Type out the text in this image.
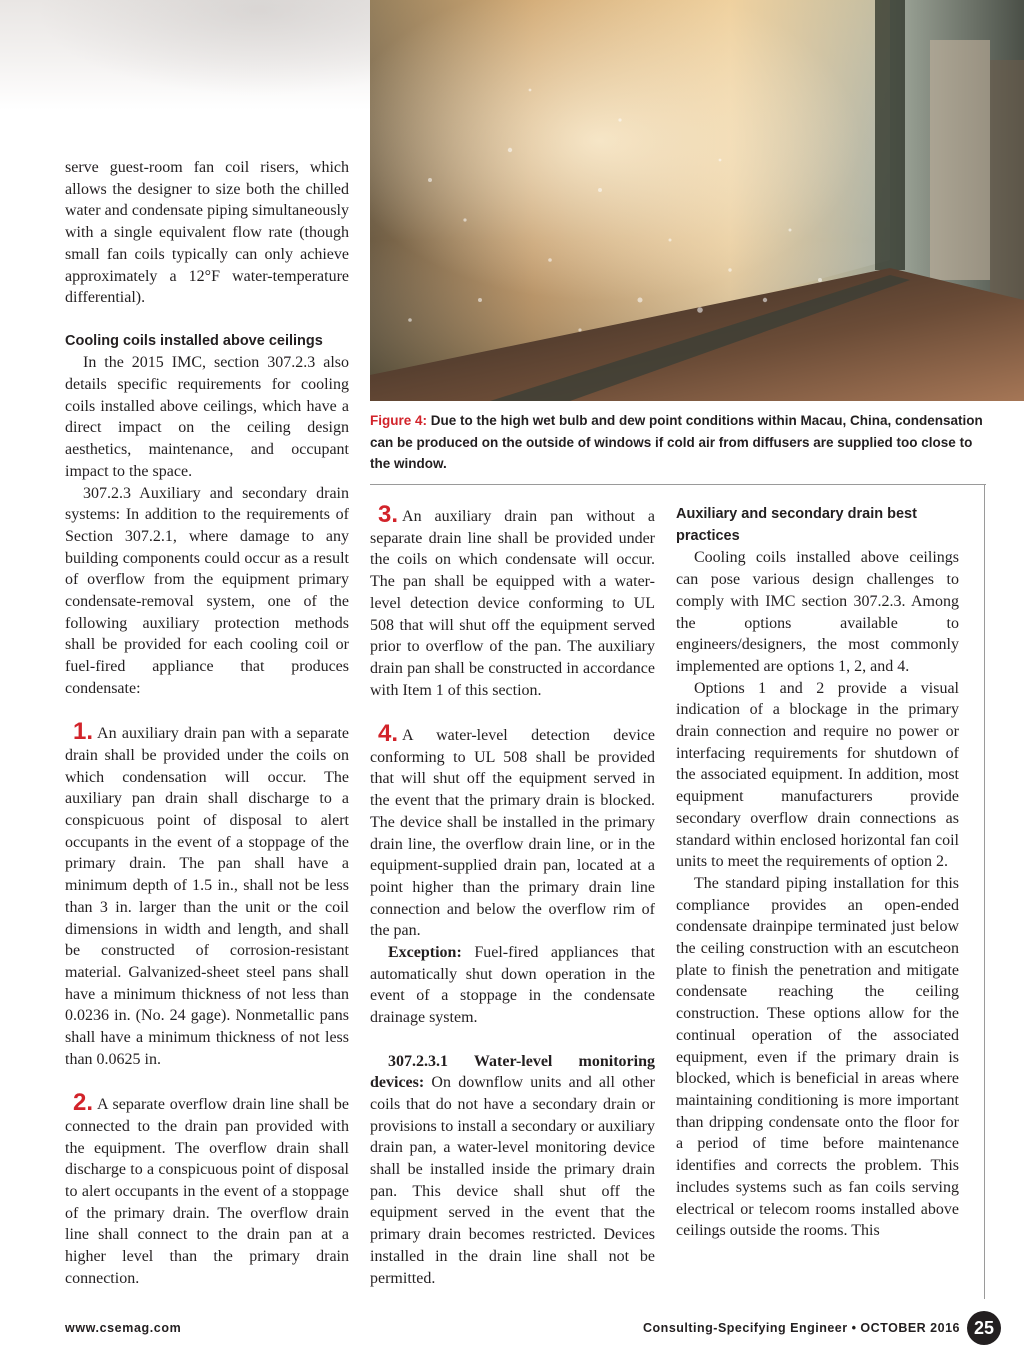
Figure 4: Due to the high wet bulb and dew point conditions within Macau, China, condensation can be produced on the outside of windows if cold air from diffusers are supplied too close to the window.

serve guest-room fan coil risers, which allows the designer to size both the chilled water and condensate piping simultaneously with a single equivalent flow rate (though small fan coils typically can only achieve approximately a 12°F water-temperature differential).

Cooling coils installed above ceilings

In the 2015 IMC, section 307.2.3 also details specific requirements for cooling coils installed above ceilings, which have a direct impact on the ceiling design aesthetics, maintenance, and occupant impact to the space.

307.2.3 Auxiliary and secondary drain systems: In addition to the requirements of Section 307.2.1, where damage to any building components could occur as a result of overflow from the equipment primary condensate-removal system, one of the following auxiliary protection methods shall be provided for each cooling coil or fuel-fired appliance that produces condensate:

1. An auxiliary drain pan with a separate drain shall be provided under the coils on which condensation will occur. The auxiliary pan drain shall discharge to a conspicuous point of disposal to alert occupants in the event of a stoppage of the primary drain. The pan shall have a minimum depth of 1.5 in., shall not be less than 3 in. larger than the unit or the coil dimensions in width and length, and shall be constructed of corrosion-resistant material. Galvanized-sheet steel pans shall have a minimum thickness of not less than 0.0236 in. (No. 24 gage). Nonmetallic pans shall have a minimum thickness of not less than 0.0625 in.

2. A separate overflow drain line shall be connected to the drain pan provided with the equipment. The overflow drain shall discharge to a conspicuous point of disposal to alert occupants in the event of a stoppage of the primary drain. The overflow drain line shall connect to the drain pan at a higher level than the primary drain connection.

3. An auxiliary drain pan without a separate drain line shall be provided under the coils on which condensate will occur. The pan shall be equipped with a water-level detection device conforming to UL 508 that will shut off the equipment served prior to overflow of the pan. The auxiliary drain pan shall be constructed in accordance with Item 1 of this section.

4. A water-level detection device conforming to UL 508 shall be provided that will shut off the equipment served in the event that the primary drain is blocked. The device shall be installed in the primary drain line, the overflow drain line, or in the equipment-supplied drain pan, located at a point higher than the primary drain line connection and below the overflow rim of the pan.

Exception: Fuel-fired appliances that automatically shut down operation in the event of a stoppage in the condensate drainage system.

307.2.3.1 Water-level monitoring devices: On downflow units and all other coils that do not have a secondary drain or provisions to install a secondary or auxiliary drain pan, a water-level monitoring device shall be installed inside the primary drain pan. This device shall shut off the equipment served in the event that the primary drain becomes restricted. Devices installed in the drain line shall not be permitted.

Auxiliary and secondary drain best practices

Cooling coils installed above ceilings can pose various design challenges to comply with IMC section 307.2.3. Among the options available to engineers/designers, the most commonly implemented are options 1, 2, and 4.

Options 1 and 2 provide a visual indication of a blockage in the primary drain connection and require no power or interfacing requirements for shutdown of the associated equipment. In addition, most equipment manufacturers provide secondary overflow drain connections as standard within enclosed horizontal fan coil units to meet the requirements of option 2.

The standard piping installation for this compliance provides an open-ended condensate drainpipe terminated just below the ceiling construction with an escutcheon plate to finish the penetration and mitigate condensate reaching the ceiling construction. These options allow for the continual operation of the associated equipment, even if the primary drain is blocked, which is beneficial in areas where maintaining conditioning is more important than dripping condensate onto the floor for a period of time before maintenance identifies and corrects the problem. This includes systems such as fan coils serving electrical or telecom rooms installed above ceilings outside the rooms. This

www.csemag.com	Consulting-Specifying Engineer • OCTOBER 2016 25
